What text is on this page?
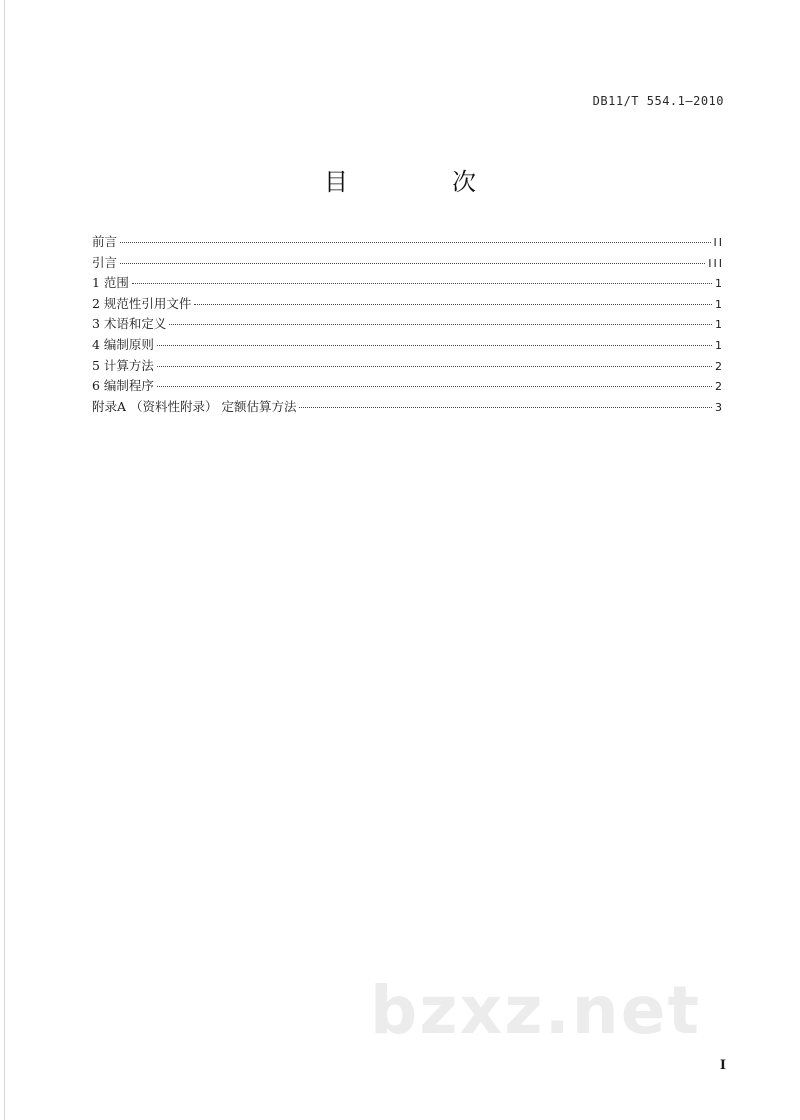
DB11/T 554.1—2010
目　次
前言	II
引言	III
1 范围	1
2 规范性引用文件	1
3 术语和定义	1
4 编制原则	1
5 计算方法	2
6 编制程序	2
附录A （资料性附录） 定额估算方法	3
bzxz.net
I
